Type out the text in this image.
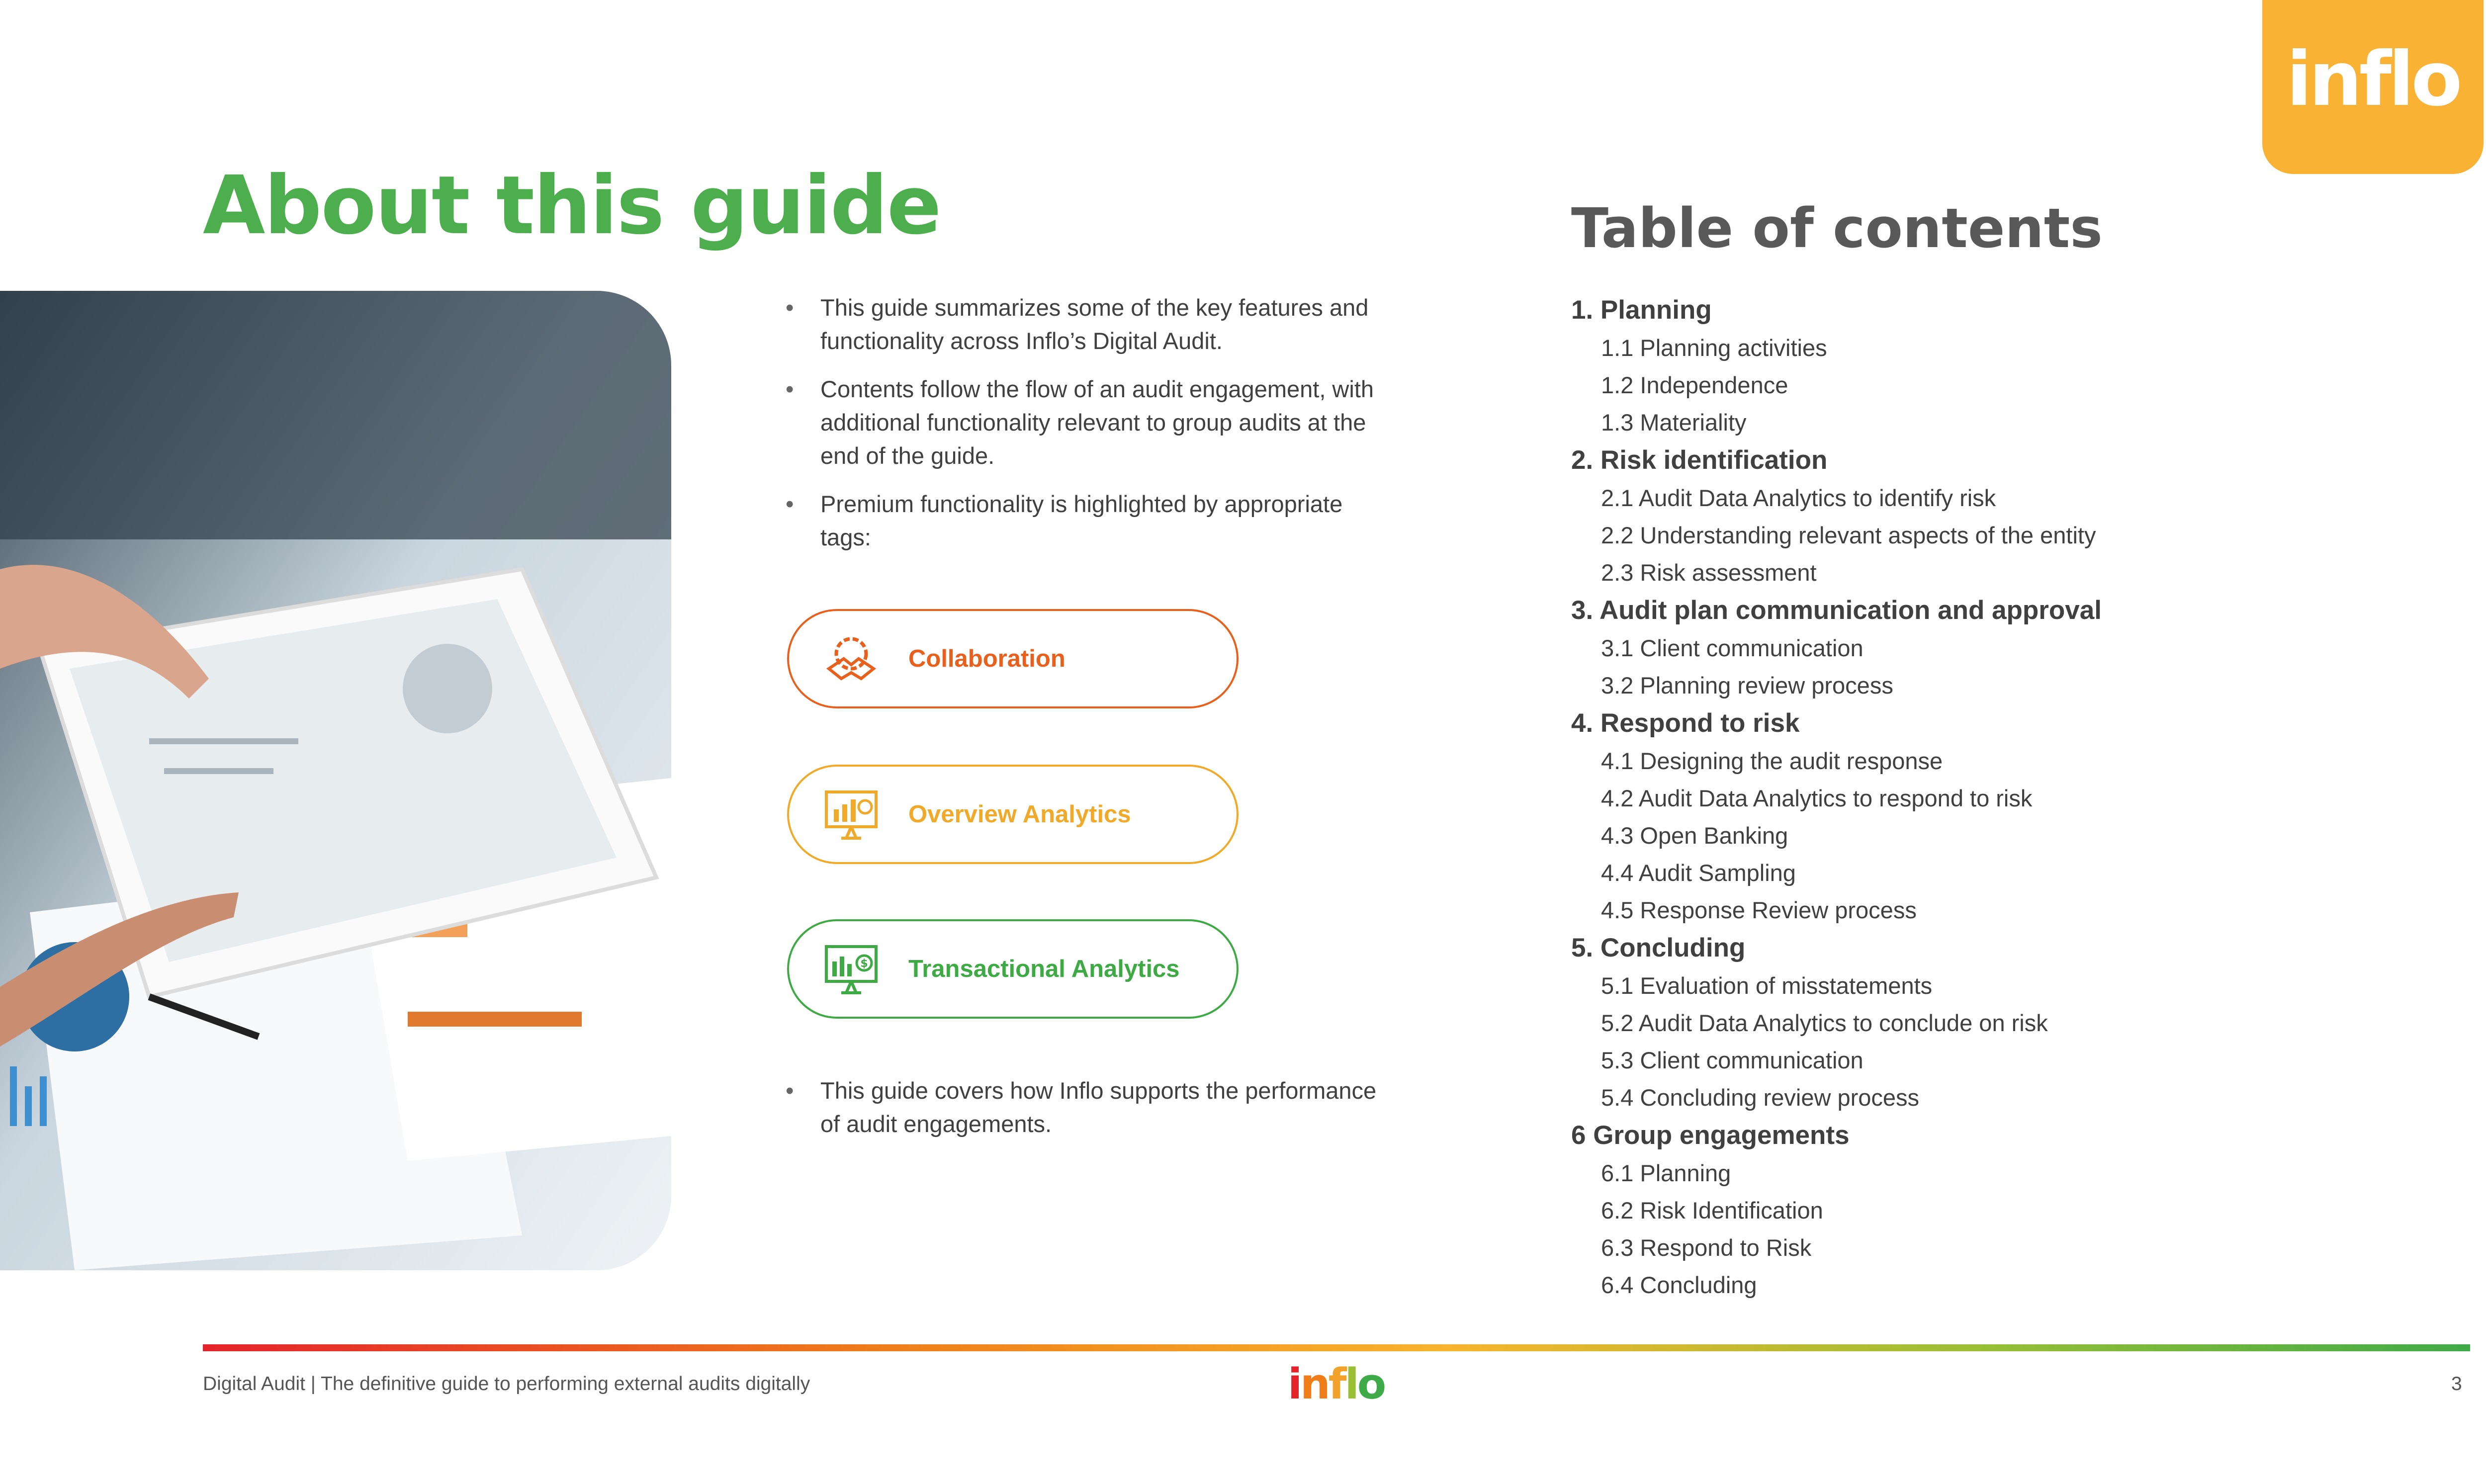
inflo
About this guide
• This guide summarizes some of the key features and functionality across Inflo’s Digital Audit.
• Contents follow the flow of an audit engagement, with additional functionality relevant to group audits at the end of the guide.
• Premium functionality is highlighted by appropriate tags:
Collaboration
Overview Analytics
$ Transactional Analytics
• This guide covers how Inflo supports the performance of audit engagements.
Table of contents
1. Planning
1.1 Planning activities
1.2 Independence
1.3 Materiality
2. Risk identification
2.1 Audit Data Analytics to identify risk
2.2 Understanding relevant aspects of the entity
2.3 Risk assessment
3. Audit plan communication and approval
3.1 Client communication
3.2 Planning review process
4. Respond to risk
4.1 Designing the audit response
4.2 Audit Data Analytics to respond to risk
4.3 Open Banking
4.4 Audit Sampling
4.5 Response Review process
5. Concluding
5.1 Evaluation of misstatements
5.2 Audit Data Analytics to conclude on risk
5.3 Client communication
5.4 Concluding review process
6 Group engagements
6.1 Planning
6.2 Risk Identification
6.3 Respond to Risk
6.4 Concluding
Digital Audit | The definitive guide to performing external audits digitally	inflo	3
